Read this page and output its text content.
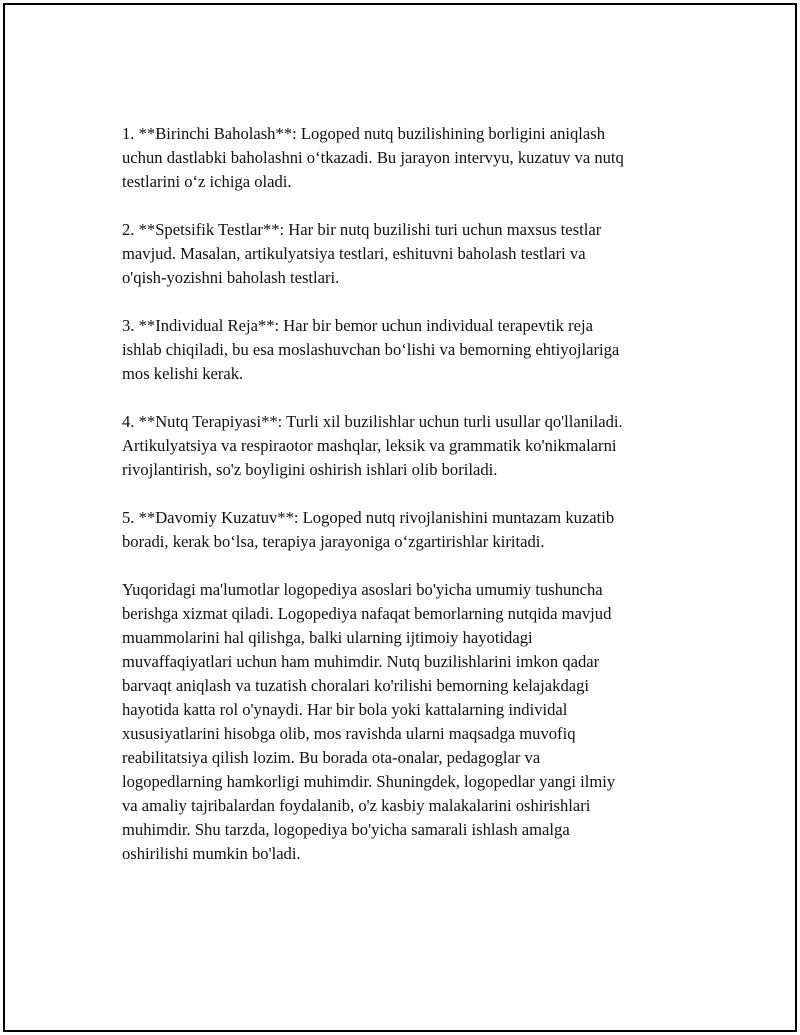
1. **Birinchi Baholash**: Logoped nutq buzilishining borligini aniqlash
uchun dastlabki baholashni oʻtkazadi. Bu jarayon intervyu, kuzatuv va nutq
testlarini oʻz ichiga oladi.

2. **Spetsifik Testlar**: Har bir nutq buzilishi turi uchun maxsus testlar
mavjud. Masalan, artikulyatsiya testlari, eshituvni baholash testlari va
o'qish-yozishni baholash testlari.

3. **Individual Reja**: Har bir bemor uchun individual terapevtik reja
ishlab chiqiladi, bu esa moslashuvchan boʻlishi va bemorning ehtiyojlariga
mos kelishi kerak.

4. **Nutq Terapiyasi**: Turli xil buzilishlar uchun turli usullar qo'llaniladi.
Artikulyatsiya va respiraotor mashqlar, leksik va grammatik ko'nikmalarni
rivojlantirish, so'z boyligini oshirish ishlari olib boriladi.

5. **Davomiy Kuzatuv**: Logoped nutq rivojlanishini muntazam kuzatib
boradi, kerak boʻlsa, terapiya jarayoniga oʻzgartirishlar kiritadi.

Yuqoridagi ma'lumotlar logopediya asoslari bo'yicha umumiy tushuncha
berishga xizmat qiladi. Logopediya nafaqat bemorlarning nutqida mavjud
muammolarini hal qilishga, balki ularning ijtimoiy hayotidagi
muvaffaqiyatlari uchun ham muhimdir. Nutq buzilishlarini imkon qadar
barvaqt aniqlash va tuzatish choralari ko'rilishi bemorning kelajakdagi
hayotida katta rol o'ynaydi. Har bir bola yoki kattalarning individal
xususiyatlarini hisobga olib, mos ravishda ularni maqsadga muvofiq
reabilitatsiya qilish lozim. Bu borada ota-onalar, pedagoglar va
logopedlarning hamkorligi muhimdir. Shuningdek, logopedlar yangi ilmiy
va amaliy tajribalardan foydalanib, o'z kasbiy malakalarini oshirishlari
muhimdir. Shu tarzda, logopediya bo'yicha samarali ishlash amalga
oshirilishi mumkin bo'ladi.
